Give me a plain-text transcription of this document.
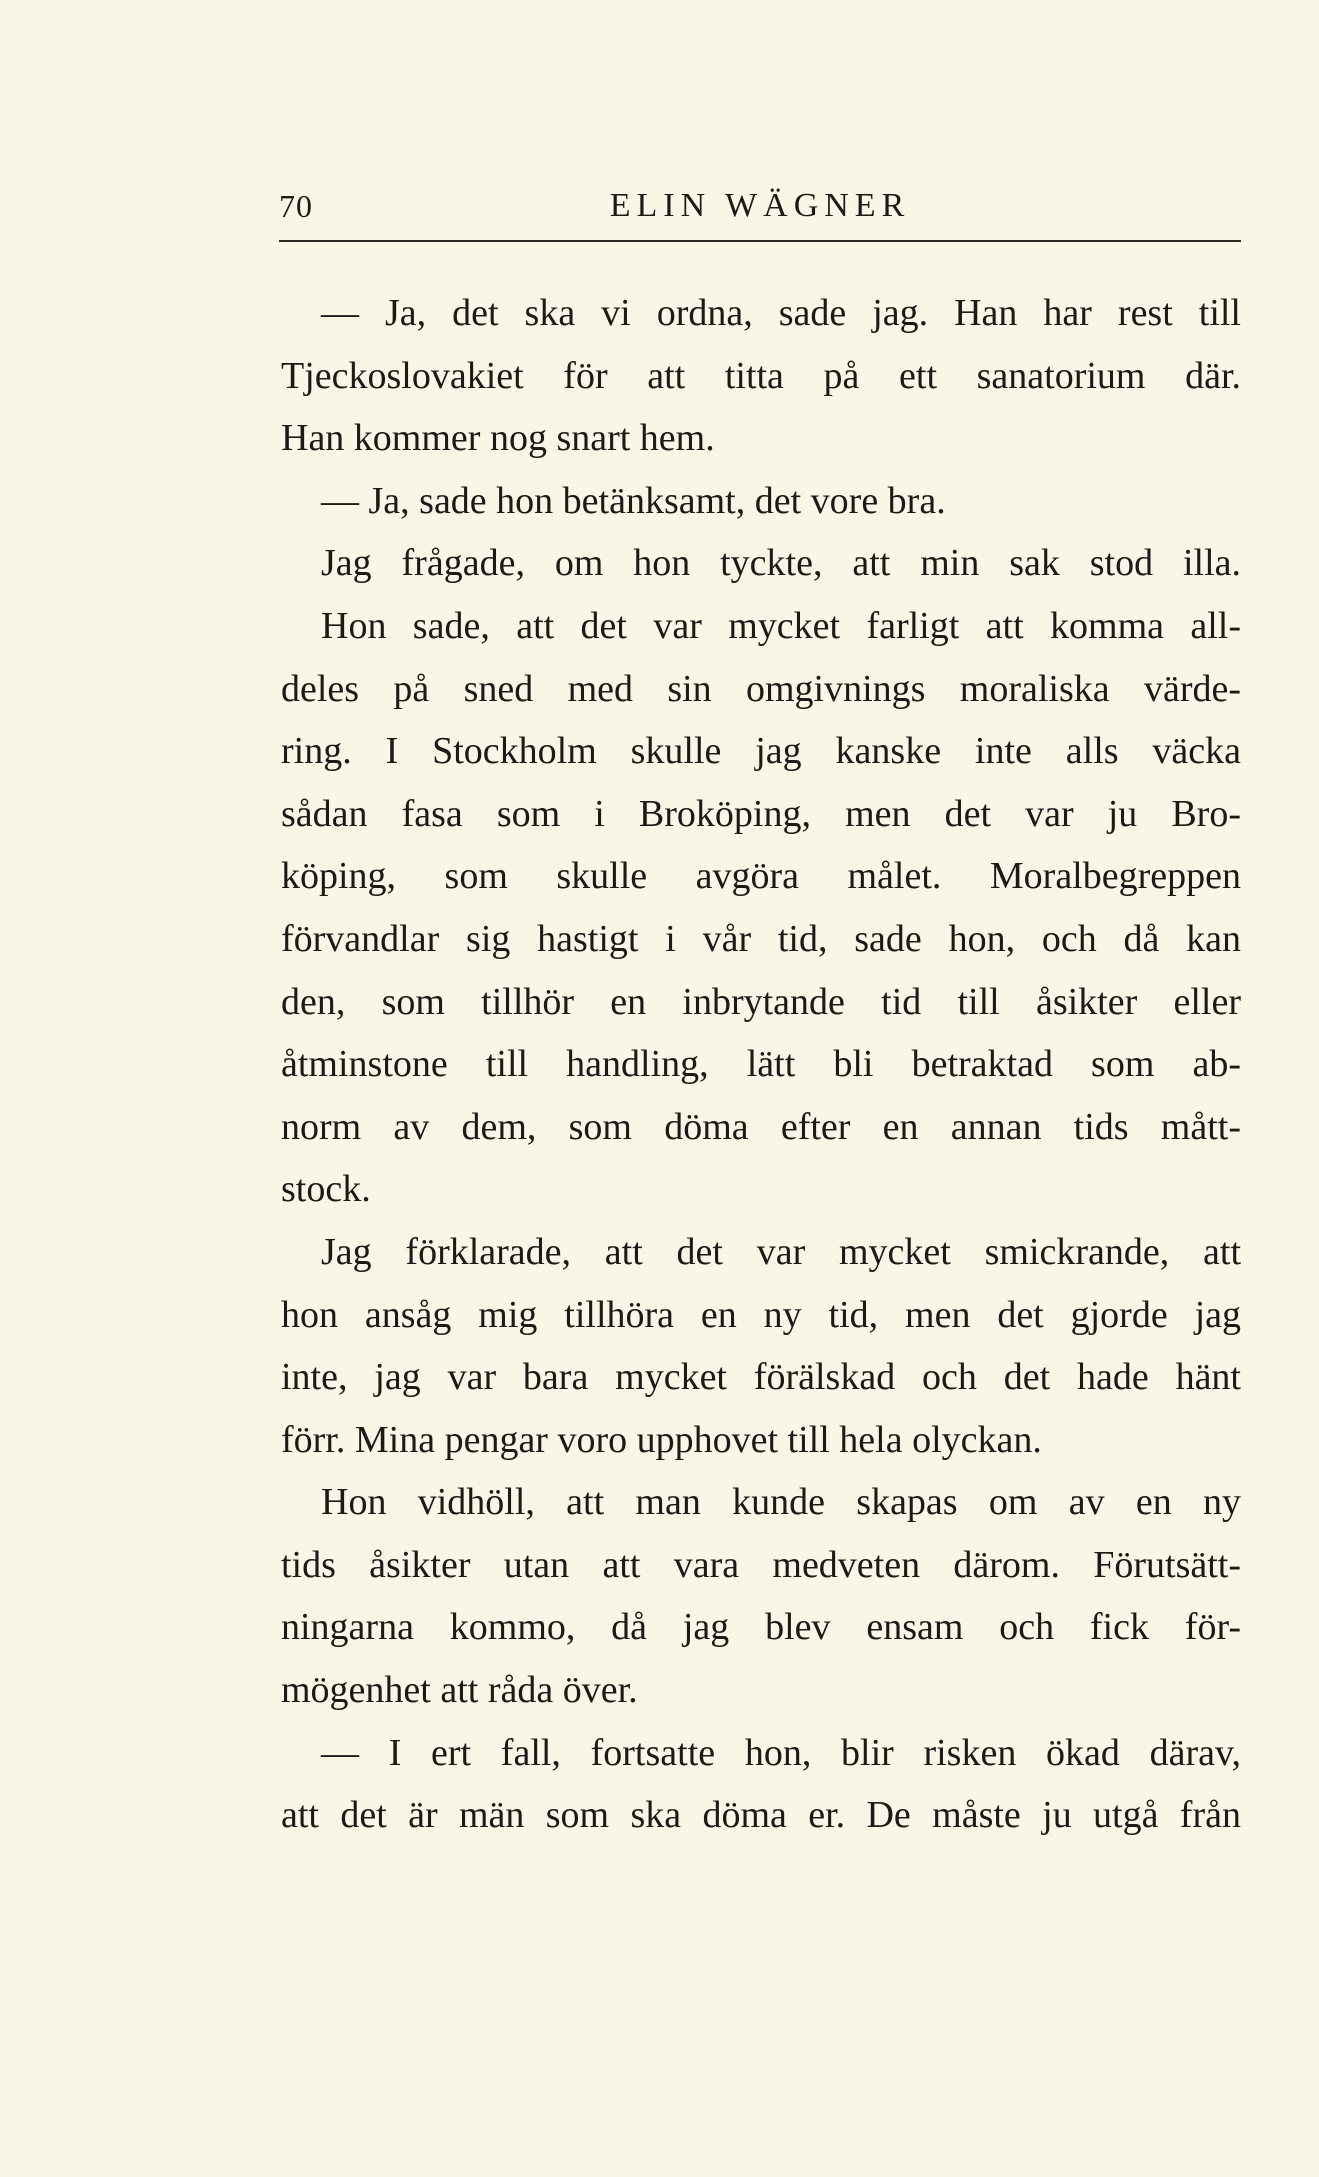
70	ELIN WÄGNER
— Ja, det ska vi ordna, sade jag. Han har rest till
Tjeckoslovakiet för att titta på ett sanatorium där.
Han kommer nog snart hem.
— Ja, sade hon betänksamt, det vore bra.
Jag frågade, om hon tyckte, att min sak stod illa.
Hon sade, att det var mycket farligt att komma all-
deles på sned med sin omgivnings moraliska värde-
ring. I Stockholm skulle jag kanske inte alls väcka
sådan fasa som i Broköping, men det var ju Bro-
köping, som skulle avgöra målet. Moralbegreppen
förvandlar sig hastigt i vår tid, sade hon, och då kan
den, som tillhör en inbrytande tid till åsikter eller
åtminstone till handling, lätt bli betraktad som ab-
norm av dem, som döma efter en annan tids mått-
stock.
Jag förklarade, att det var mycket smickrande, att
hon ansåg mig tillhöra en ny tid, men det gjorde jag
inte, jag var bara mycket förälskad och det hade hänt
förr. Mina pengar voro upphovet till hela olyckan.
Hon vidhöll, att man kunde skapas om av en ny
tids åsikter utan att vara medveten därom. Förutsätt-
ningarna kommo, då jag blev ensam och fick för-
mögenhet att råda över.
— I ert fall, fortsatte hon, blir risken ökad därav,
att det är män som ska döma er. De måste ju utgå från
